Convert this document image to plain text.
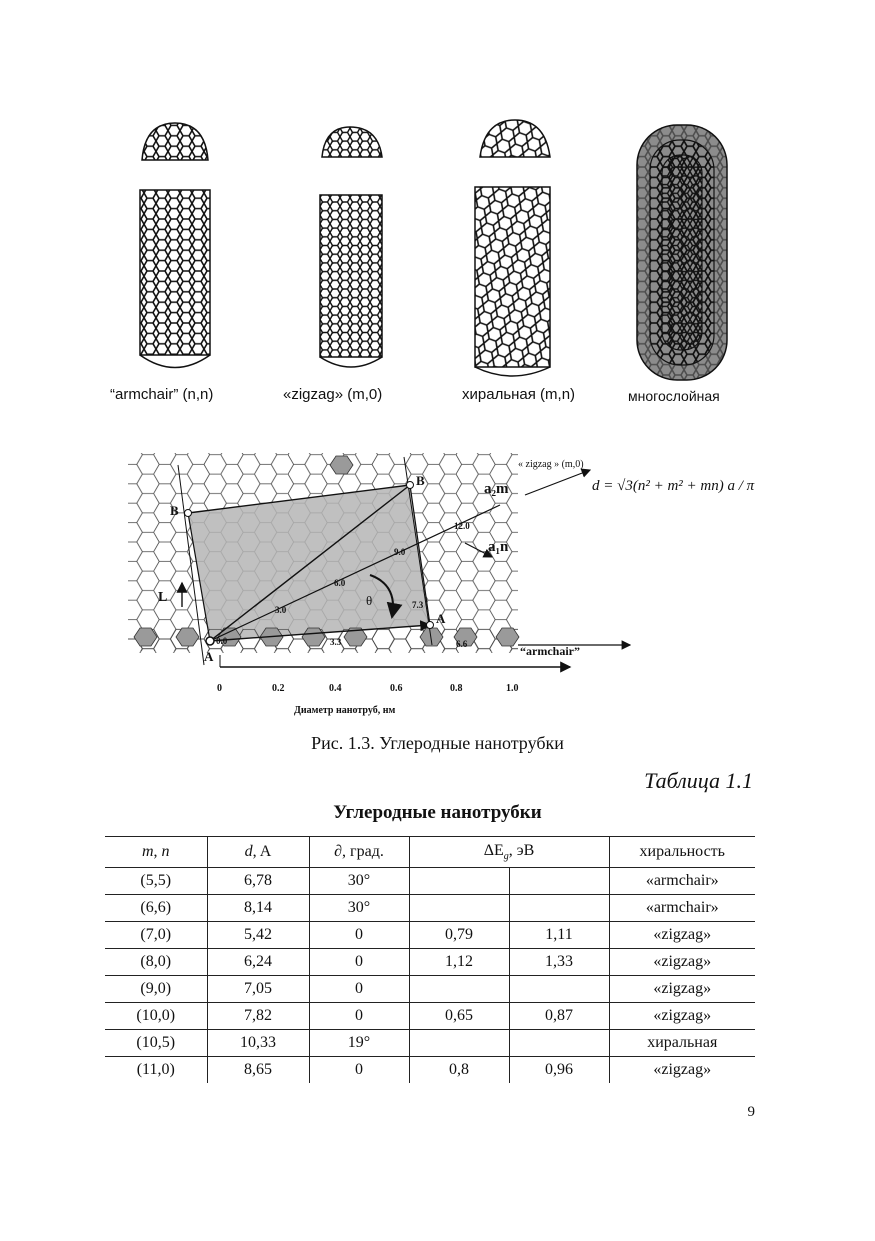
“armchair” (n,n)	«zigzag» (m,0)	хиральная (m,n)	многослойная
« zigzag » (m,0)
“armchair”
a₂m
a₁n
B
B
A
A
L	θ
0.0
3.0
6.0
9.0
12.0
7.3
3.3	6.6
0	0.2	0.4	0.6	0.8	1.0
Диаметр нанотруб, нм
d = √3(n² + m² + mn) a / π
Рис. 1.3. Углеродные нанотрубки
Таблица 1.1
Углеродные нанотрубки
m, n	d, A	∂, град.	$\Delta E_g$, эВ		хиральность
(5,5)	6,78	30°			«armchair»
(6,6)	8,14	30°			«armchair»
(7,0)	5,42	0	0,79	1,11	«zigzag»
(8,0)	6,24	0	1,12	1,33	«zigzag»
(9,0)	7,05	0			«zigzag»
(10,0)	7,82	0	0,65	0,87	«zigzag»
(10,5)	10,33	19°			хиральная
(11,0)	8,65	0	0,8	0,96	«zigzag»
9
